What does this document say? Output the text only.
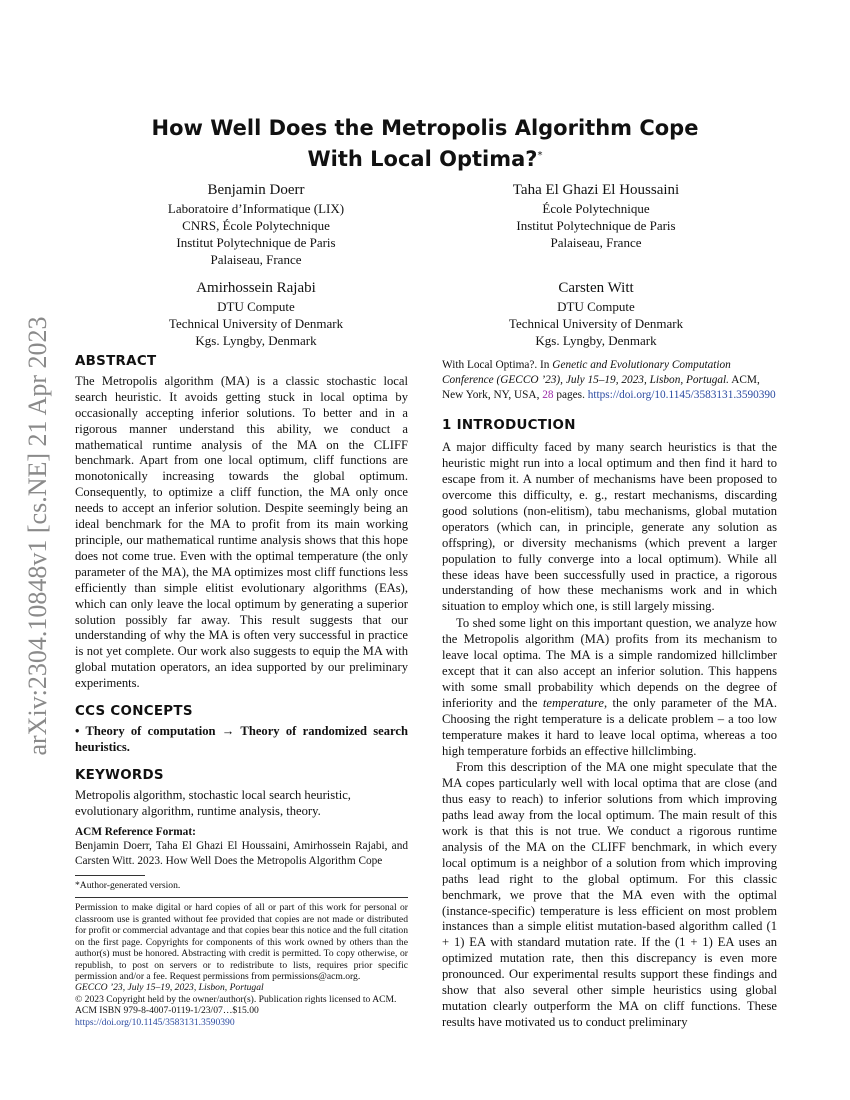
arXiv:2304.10848v1 [cs.NE] 21 Apr 2023
How Well Does the Metropolis Algorithm Cope
With Local Optima?*
Benjamin Doerr
Laboratoire d’Informatique (LIX)
CNRS, École Polytechnique
Institut Polytechnique de Paris
Palaiseau, France
Taha El Ghazi El Houssaini
École Polytechnique
Institut Polytechnique de Paris
Palaiseau, France
Amirhossein Rajabi
DTU Compute
Technical University of Denmark
Kgs. Lyngby, Denmark
Carsten Witt
DTU Compute
Technical University of Denmark
Kgs. Lyngby, Denmark
ABSTRACT

The Metropolis algorithm (MA) is a classic stochastic local search heuristic. It avoids getting stuck in local optima by occasionally accepting inferior solutions. To better and in a rigorous manner understand this ability, we conduct a mathematical runtime analysis of the MA on the CLIFF benchmark. Apart from one local optimum, cliff functions are monotonically increasing towards the global optimum. Consequently, to optimize a cliff function, the MA only once needs to accept an inferior solution. Despite seemingly being an ideal benchmark for the MA to profit from its main working principle, our mathematical runtime analysis shows that this hope does not come true. Even with the optimal temperature (the only parameter of the MA), the MA optimizes most cliff functions less efficiently than simple elitist evolutionary algorithms (EAs), which can only leave the local optimum by generating a superior solution possibly far away. This result suggests that our understanding of why the MA is often very successful in practice is not yet complete. Our work also suggests to equip the MA with global mutation operators, an idea supported by our preliminary experiments.

CCS CONCEPTS

• Theory of computation → Theory of randomized search heuristics.

KEYWORDS

Metropolis algorithm, stochastic local search heuristic, evolutionary algorithm, runtime analysis, theory.

ACM Reference Format:

Benjamin Doerr, Taha El Ghazi El Houssaini, Amirhossein Rajabi, and Carsten Witt. 2023. How Well Does the Metropolis Algorithm Cope

*Author-generated version.

Permission to make digital or hard copies of all or part of this work for personal or classroom use is granted without fee provided that copies are not made or distributed for profit or commercial advantage and that copies bear this notice and the full citation on the first page. Copyrights for components of this work owned by others than the author(s) must be honored. Abstracting with credit is permitted. To copy otherwise, or republish, to post on servers or to redistribute to lists, requires prior specific permission and/or a fee. Request permissions from permissions@acm.org.

GECCO ’23, July 15–19, 2023, Lisbon, Portugal

© 2023 Copyright held by the owner/author(s). Publication rights licensed to ACM.

ACM ISBN 979-8-4007-0119-1/23/07…$15.00

https://doi.org/10.1145/3583131.3590390

With Local Optima?. In Genetic and Evolutionary Computation Conference (GECCO ’23), July 15–19, 2023, Lisbon, Portugal. ACM, New York, NY, USA, 28 pages. https://doi.org/10.1145/3583131.3590390

1 INTRODUCTION

A major difficulty faced by many search heuristics is that the heuristic might run into a local optimum and then find it hard to escape from it. A number of mechanisms have been proposed to overcome this difficulty, e. g., restart mechanisms, discarding good solutions (non-elitism), tabu mechanisms, global mutation operators (which can, in principle, generate any solution as offspring), or diversity mechanisms (which prevent a larger population to fully converge into a local optimum). While all these ideas have been successfully used in practice, a rigorous understanding of how these mechanisms work and in which situation to employ which one, is still largely missing.

To shed some light on this important question, we analyze how the Metropolis algorithm (MA) profits from its mechanism to leave local optima. The MA is a simple randomized hillclimber except that it can also accept an inferior solution. This happens with some small probability which depends on the degree of inferiority and the temperature, the only parameter of the MA. Choosing the right temperature is a delicate problem – a too low temperature makes it hard to leave local optima, whereas a too high temperature forbids an effective hillclimbing.

From this description of the MA one might speculate that the MA copes particularly well with local optima that are close (and thus easy to reach) to inferior solutions from which improving paths lead away from the local optimum. The main result of this work is that this is not true. We conduct a rigorous runtime analysis of the MA on the CLIFF benchmark, in which every local optimum is a neighbor of a solution from which improving paths lead right to the global optimum. For this classic benchmark, we prove that the MA even with the optimal (instance-specific) temperature is less efficient on most problem instances than a simple elitist mutation-based algorithm called (1 + 1) EA with standard mutation rate. If the (1 + 1) EA uses an optimized mutation rate, then this discrepancy is even more pronounced. Our experimental results support these findings and show that also several other simple heuristics using global mutation clearly outperform the MA on cliff functions. These results have motivated us to conduct preliminary
